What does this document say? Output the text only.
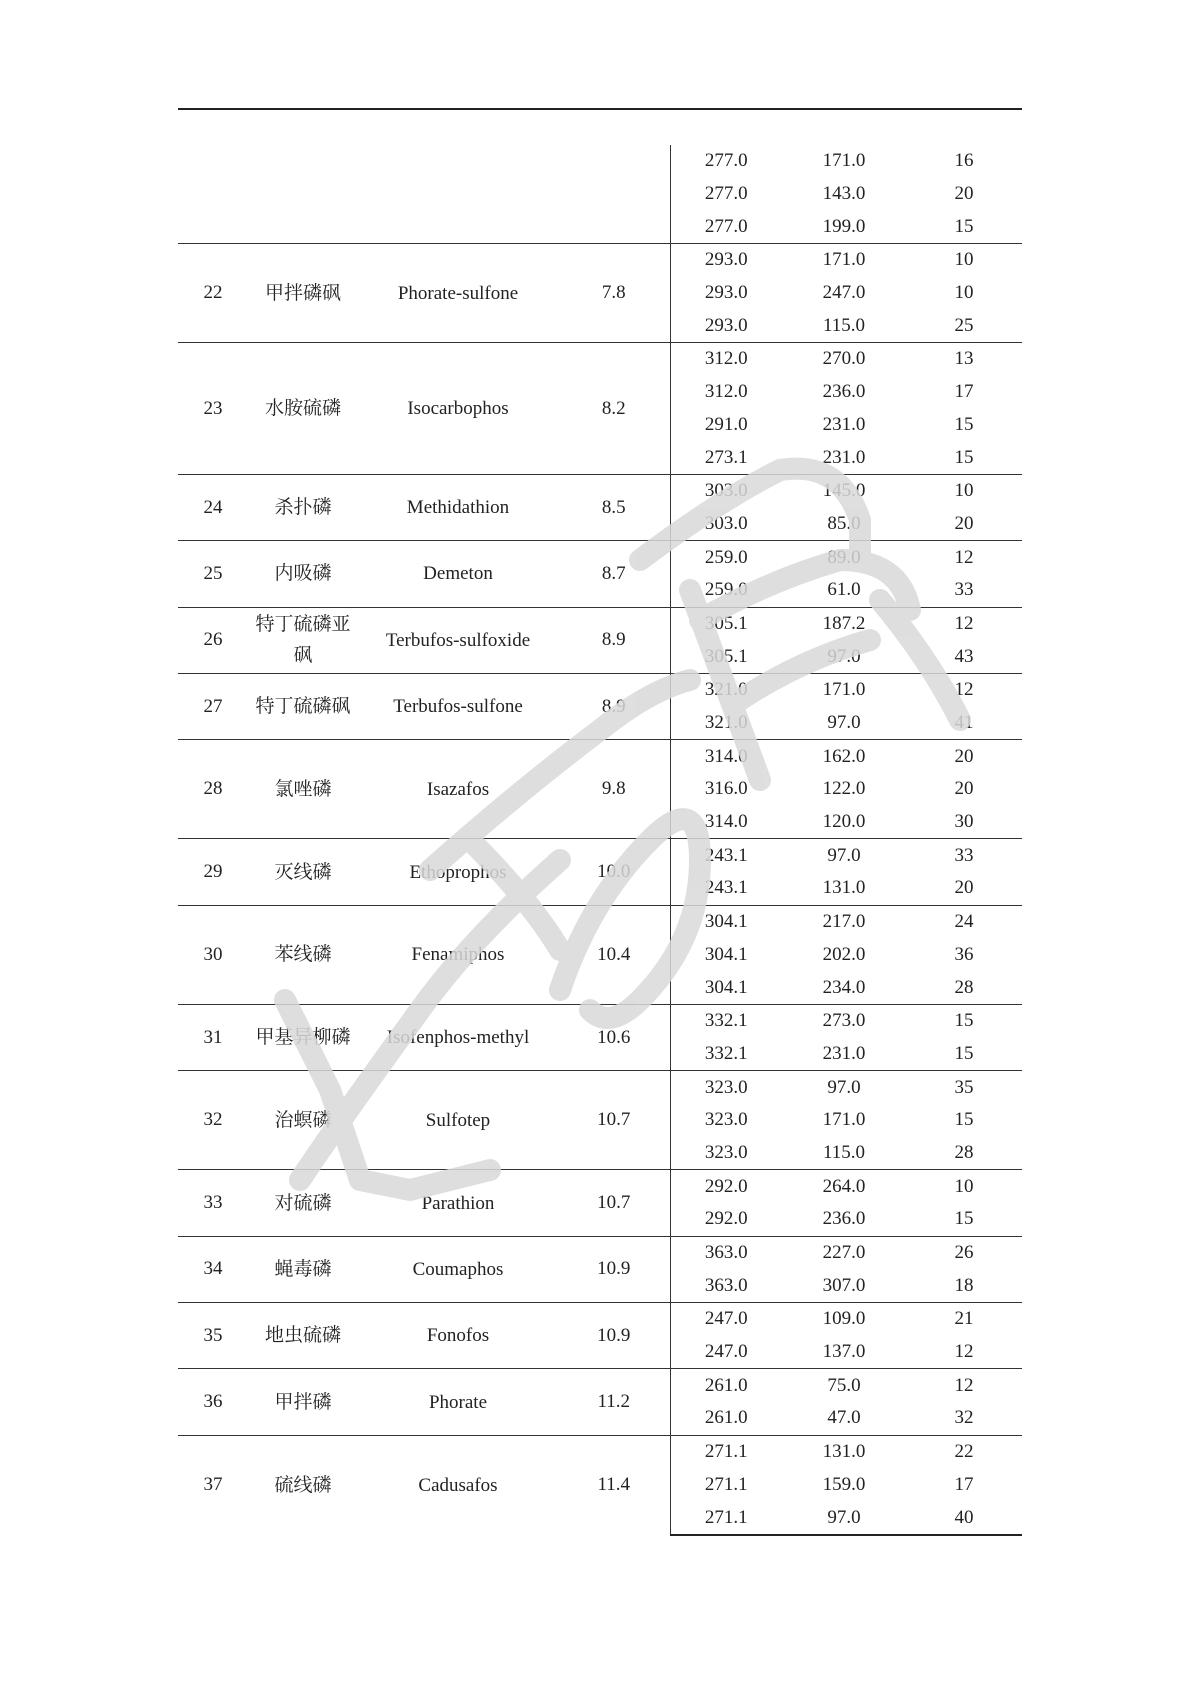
				277.0	171.0	16
				277.0	143.0	20
				277.0	199.0	15
22	甲拌磷砜	Phorate-sulfone	7.8	293.0	171.0	10
				293.0	247.0	10
				293.0	115.0	25
23	水胺硫磷	Isocarbophos	8.2	312.0	270.0	13
				312.0	236.0	17
				291.0	231.0	15
				273.1	231.0	15
24	杀扑磷	Methidathion	8.5	303.0	145.0	10
				303.0	85.0	20
25	内吸磷	Demeton	8.7	259.0	89.0	12
				259.0	61.0	33
26	特丁硫磷亚砜	Terbufos-sulfoxide	8.9	305.1	187.2	12
				305.1	97.0	43
27	特丁硫磷砜	Terbufos-sulfone	8.9	321.0	171.0	12
				321.0	97.0	41
28	氯唑磷	Isazafos	9.8	314.0	162.0	20
				316.0	122.0	20
				314.0	120.0	30
29	灭线磷	Ethoprophos	10.0	243.1	97.0	33
				243.1	131.0	20
30	苯线磷	Fenamiphos	10.4	304.1	217.0	24
				304.1	202.0	36
				304.1	234.0	28
31	甲基异柳磷	Isofenphos-methyl	10.6	332.1	273.0	15
				332.1	231.0	15
32	治螟磷	Sulfotep	10.7	323.0	97.0	35
				323.0	171.0	15
				323.0	115.0	28
33	对硫磷	Parathion	10.7	292.0	264.0	10
				292.0	236.0	15
34	蝇毒磷	Coumaphos	10.9	363.0	227.0	26
				363.0	307.0	18
35	地虫硫磷	Fonofos	10.9	247.0	109.0	21
				247.0	137.0	12
36	甲拌磷	Phorate	11.2	261.0	75.0	12
				261.0	47.0	32
37	硫线磷	Cadusafos	11.4	271.1	131.0	22
				271.1	159.0	17
				271.1	97.0	40
